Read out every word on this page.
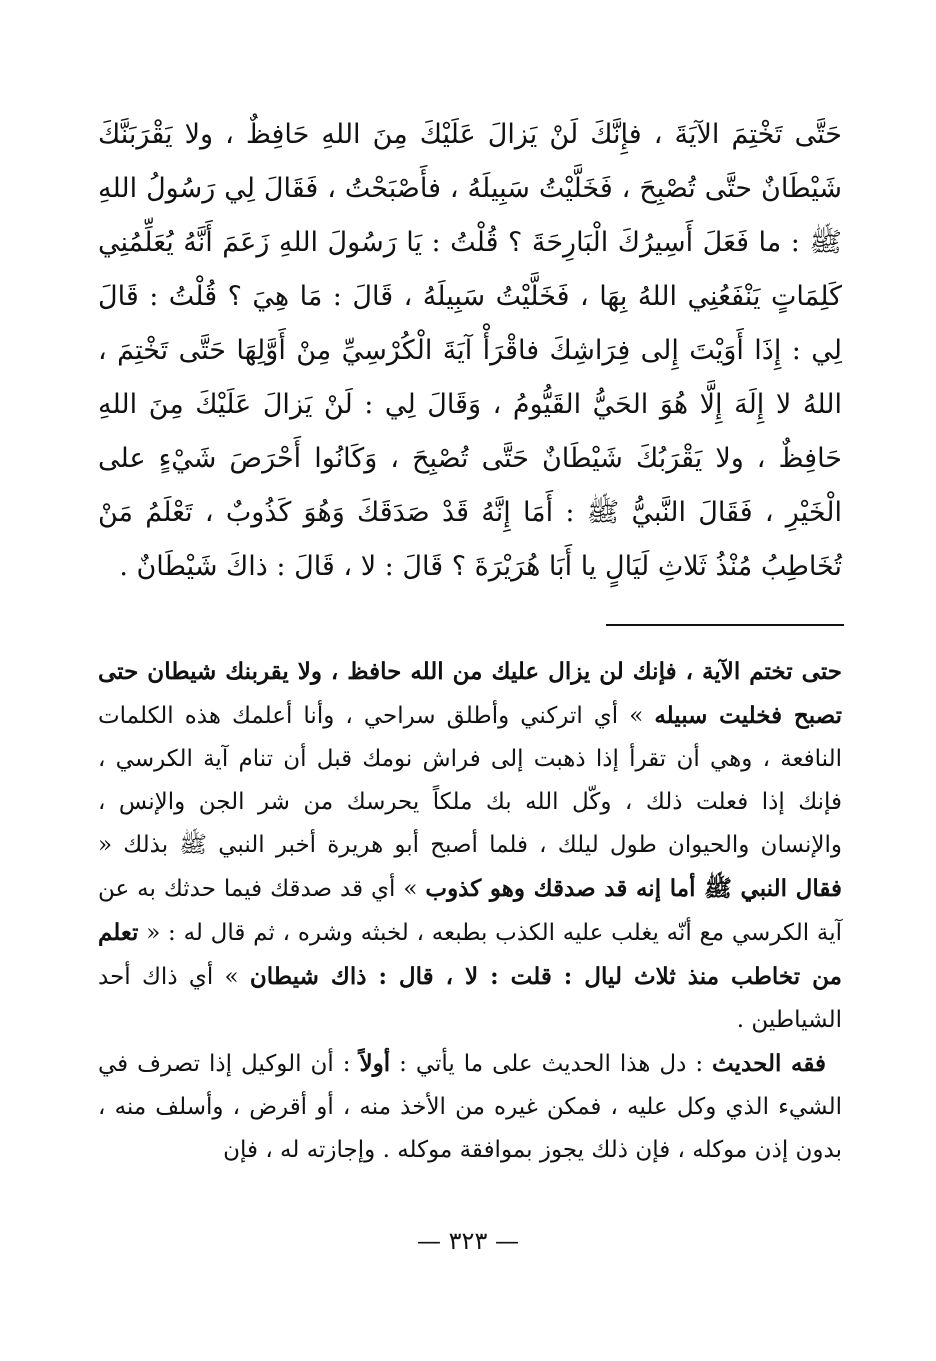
حَتَّى تَخْتِمَ الآيَةَ ، فإِنَّكَ لَنْ يَزالَ عَلَيْكَ مِنَ اللهِ حَافِظٌ ، ولا يَقْرَبَنَّكَ شَيْطَانٌ حتَّى تُصْبِحَ ، فَخَلَّيْتُ سَبِيلَهُ ، فأَصْبَحْتُ ، فَقَالَ لِي رَسُولُ اللهِ ﷺ : ما فَعَلَ أَسِيرُكَ الْبَارِحَةَ ؟ قُلْتُ : يَا رَسُولَ اللهِ زَعَمَ أَنَّهُ يُعَلِّمُنِي كَلِمَاتٍ يَنْفَعُنِي اللهُ بِهَا ، فَخَلَّيْتُ سَبِيلَهُ ، قَالَ : مَا هِيَ ؟ قُلْتُ : قَالَ لِي : إِذَا أَوَيْتَ إِلى فِرَاشِكَ فاقْرَأْ آيَةَ الْكُرْسِيِّ مِنْ أَوَّلِهَا حَتَّى تَخْتِمَ ، اللهُ لا إِلَهَ إِلَّا هُوَ الحَيُّ القَيُّومُ ، وَقَالَ لِي : لَنْ يَزالَ عَلَيْكَ مِنَ اللهِ حَافِظٌ ، ولا يَقْرَبُكَ شَيْطَانٌ حَتَّى تُصْبِحَ ، وَكَانُوا أَحْرَصَ شَيْءٍ على الْخَيْرِ ، فَقَالَ النَّبيُّ ﷺ : أَمَا إِنَّهُ قَدْ صَدَقَكَ وَهُوَ كَذُوبٌ ، تَعْلَمُ مَنْ تُخَاطِبُ مُنْذُ ثَلاثِ لَيَالٍ يا أَبَا هُرَيْرَةَ ؟ قَالَ : لا ، قَالَ : ذاكَ شَيْطَانٌ .

حتى تختم الآية ، فإنك لن يزال عليك من الله حافظ ، ولا يقربنك شيطان حتى تصبح فخليت سبيله » أي اتركني وأطلق سراحي ، وأنا أعلمك هذه الكلمات النافعة ، وهي أن تقرأ إذا ذهبت إلى فراش نومك قبل أن تنام آية الكرسي ، فإنك إذا فعلت ذلك ، وكّل الله بك ملكاً يحرسك من شر الجن والإنس ، والإنسان والحيوان طول ليلك ، فلما أصبح أبو هريرة أخبر النبي ﷺ بذلك « فقال النبي ﷺ أما إنه قد صدقك وهو كذوب » أي قد صدقك فيما حدثك به عن آية الكرسي مع أنّه يغلب عليه الكذب بطبعه ، لخبثه وشره ، ثم قال له : « تعلم من تخاطب منذ ثلاث ليال : قلت : لا ، قال : ذاك شيطان » أي ذاك أحد الشياطين .

فقه الحديث : دل هذا الحديث على ما يأتي : أولاً : أن الوكيل إذا تصرف في الشيء الذي وكل عليه ، فمكن غيره من الأخذ منه ، أو أقرض ، وأسلف منه ، بدون إذن موكله ، فإن ذلك يجوز بموافقة موكله . وإجازته له ، فإن

— ٣٢٣ —
